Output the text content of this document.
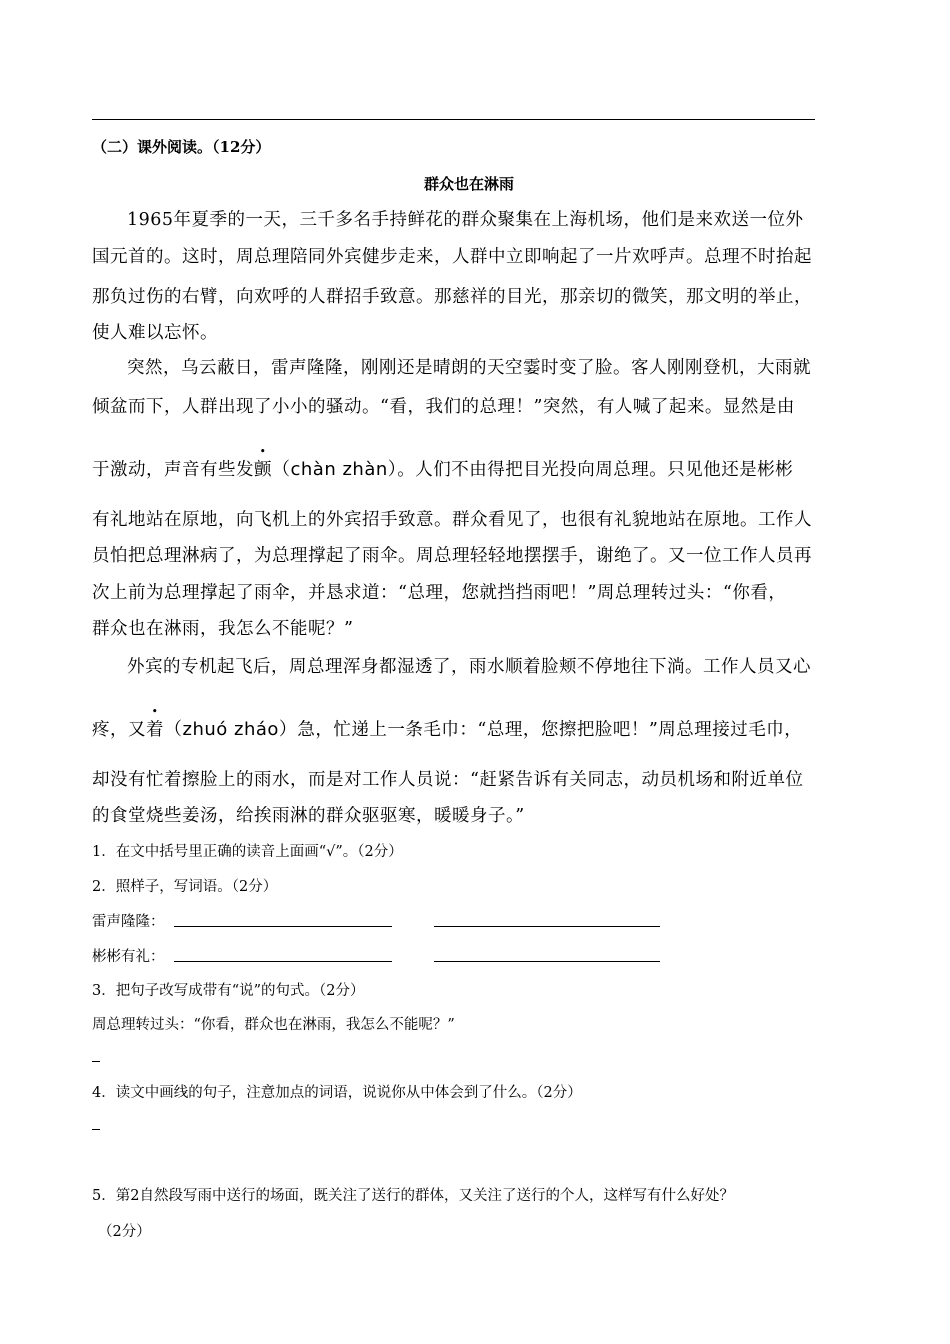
（二）课外阅读。（12分）
群众也在淋雨
1965年夏季的一天，三千多名手持鲜花的群众聚集在上海机场，他们是来欢送一位外
国元首的。这时，周总理陪同外宾健步走来，人群中立即响起了一片欢呼声。总理不时抬起
那负过伤的右臂，向欢呼的人群招手致意。那慈祥的目光，那亲切的微笑，那文明的举止，
使人难以忘怀。
突然，乌云蔽日，雷声隆隆，刚刚还是晴朗的天空霎时变了脸。客人刚刚登机，大雨就
倾盆而下，人群出现了小小的骚动。“看，我们的总理！”突然，有人喊了起来。显然是由
于激动，声音有些发颤（chàn zhàn）。人们不由得把目光投向周总理。只见他还是彬彬
有礼地站在原地，向飞机上的外宾招手致意。群众看见了，也很有礼貌地站在原地。工作人
员怕把总理淋病了，为总理撑起了雨伞。周总理轻轻地摆摆手，谢绝了。又一位工作人员再
次上前为总理撑起了雨伞，并恳求道：“总理，您就挡挡雨吧！”周总理转过头：“你看，
群众也在淋雨，我怎么不能呢？”
外宾的专机起飞后，周总理浑身都湿透了，雨水顺着脸颊不停地往下淌。工作人员又心
疼，又着（zhuó zháo）急，忙递上一条毛巾：“总理，您擦把脸吧！”周总理接过毛巾，
却没有忙着擦脸上的雨水，而是对工作人员说：“赶紧告诉有关同志，动员机场和附近单位
的食堂烧些姜汤，给挨雨淋的群众驱驱寒，暖暖身子。”
1．在文中括号里正确的读音上面画“√”。（2分）
2．照样子，写词语。（2分）
雷声隆隆：
彬彬有礼：
3．把句子改写成带有“说”的句式。（2分）
周总理转过头：“你看，群众也在淋雨，我怎么不能呢？”
4．读文中画线的句子，注意加点的词语，说说你从中体会到了什么。（2分）
5．第2自然段写雨中送行的场面，既关注了送行的群体，又关注了送行的个人，这样写有什么好处？
（2分）
